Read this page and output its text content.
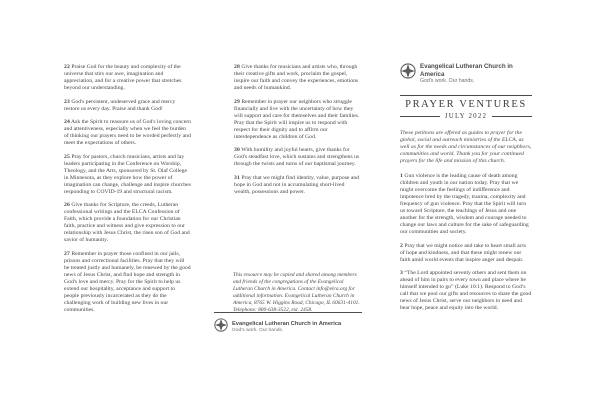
22 Praise God for the beauty and complexity of the universe that stirs our awe, imagination and appreciation, and for a creative power that stretches beyond our understanding.

23 God's persistent, undeserved grace and mercy restore us every day. Praise and thank God!

24 Ask the Spirit to reassure us of God's loving concern and attentiveness, especially when we feel the burden of thinking our prayers need to be worded perfectly and meet the expectations of others.

25 Pray for pastors, church musicians, artists and lay leaders participating in the Conference on Worship, Theology, and the Arts, sponsored by St. Olaf College in Minnesota, as they explore how the power of imagination can change, challenge and inspire churches responding to COVID-19 and structural racism.

26 Give thanks for Scripture, the creeds, Lutheran confessional writings and the ELCA Confession of Faith, which provide a foundation for our Christian faith, practice and witness and give expression to our relationship with Jesus Christ, the risen son of God and savior of humanity.

27 Remember in prayer those confined in our jails, prisons and correctional facilities. Pray that they will be treated justly and humanely, be renewed by the good news of Jesus Christ, and find hope and strength in God's love and mercy. Pray for the Spirit to help us extend our hospitality, acceptance and support to people previously incarcerated as they do the challenging work of building new lives in our communities.

28 Give thanks for musicians and artists who, through their creative gifts and work, proclaim the gospel, inspire our faith and convey the experiences, emotions and needs of humankind.

29 Remember in prayer our neighbors who struggle financially and live with the uncertainty of how they will support and care for themselves and their families. Pray that the Spirit will inspire us to respond with respect for their dignity and to affirm our interdependence as children of God.

30 With humility and joyful hearts, give thanks for God's steadfast love, which sustains and strengthens us through the twists and turns of our baptismal journey.

31 Pray that we might find identity, value, purpose and hope in God and not in accumulating short-lived wealth, possessions and power.

This resource may be copied and shared among members and friends of the congregations of the Evangelical Lutheran Church in America. Contact info@elca.org for additional information. Evangelical Lutheran Church in America, 8765 W. Higgins Road, Chicago, IL 60631-4101. Telephone: 800-638-3522, ext. 2458.
Evangelical Lutheran Church in America
God's work. Our hands.
Evangelical Lutheran Church in America
God's work. Our hands.
PRAYER VENTURES
JULY 2022
These petitions are offered as guides to prayer for the global, social and outreach ministries of the ELCA, as well as for the needs and circumstances of our neighbors, communities and world. Thank you for your continued prayers for the life and mission of this church.

1 Gun violence is the leading cause of death among children and youth in our nation today. Pray that we might overcome the feelings of indifference and impotence bred by the tragedy, trauma, complexity and frequency of gun violence. Pray that the Spirit will turn us toward Scripture, the teachings of Jesus and one another for the strength, wisdom and courage needed to change our laws and culture for the sake of safeguarding our communities and society.

2 Pray that we might notice and take to heart small acts of hope and kindness, and that these might renew our faith amid world events that inspire anger and despair.

3 “The Lord appointed seventy others and sent them on ahead of him in pairs to every town and place where he himself intended to go” (Luke 10:1). Respond to God’s call that we pool our gifts and resources to share the good news of Jesus Christ, serve our neighbors in need and bear hope, peace and equity into the world.
